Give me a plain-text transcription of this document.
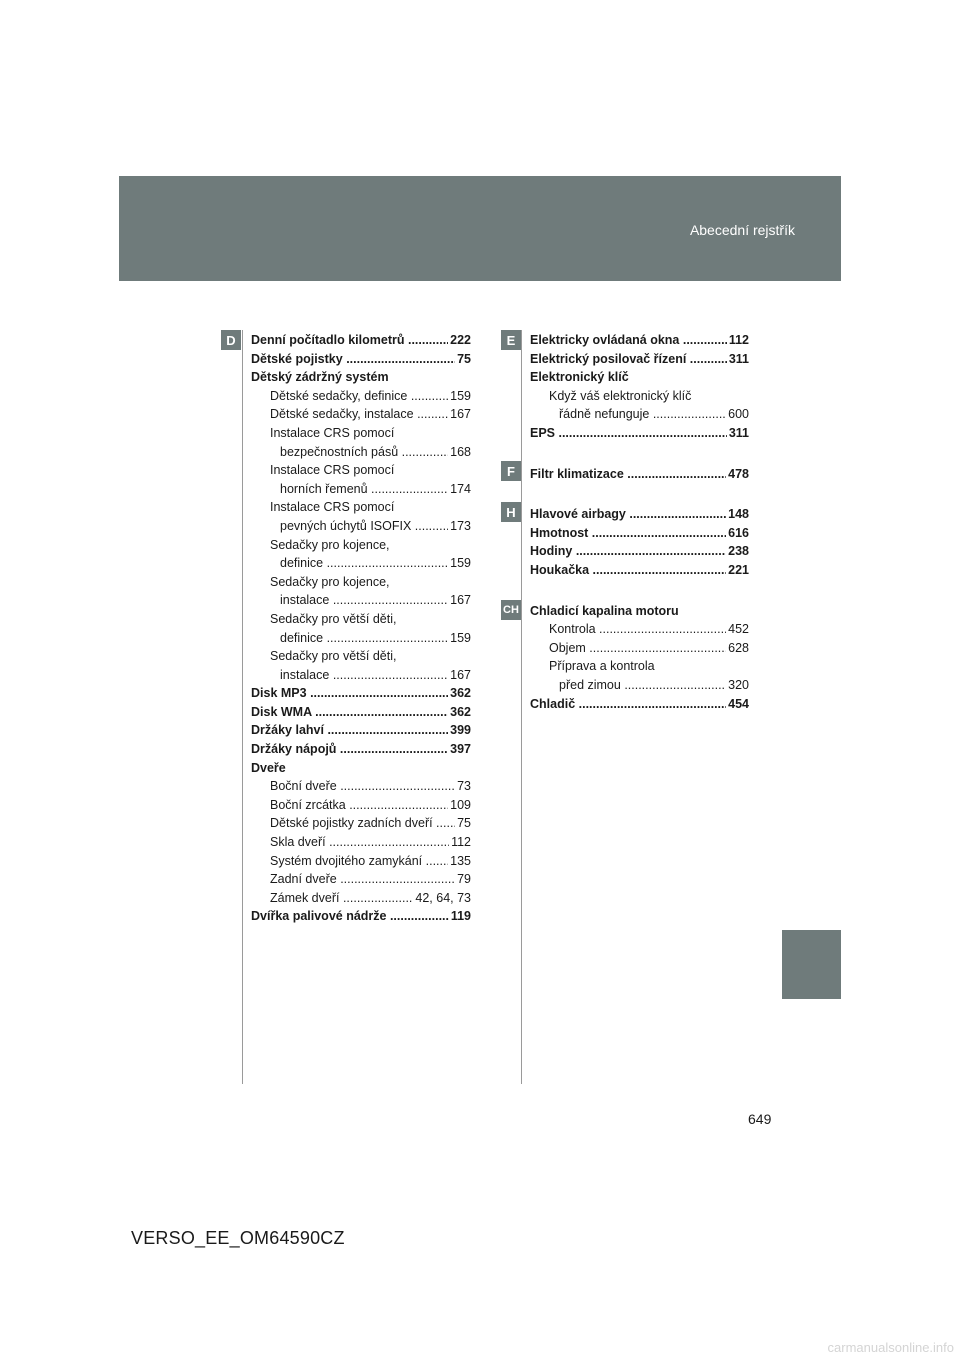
Abecední rejstřík
D	E
F
H
CH
Denní počítadlo kilometrů .....	222
Dětské pojistky .....	75
Dětský zádržný systém
Dětské sedačky, definice .....	159
Dětské sedačky, instalace .....	167
Instalace CRS pomocí
bezpečnostních pásů .....	168
Instalace CRS pomocí
horních řemenů .....	174
Instalace CRS pomocí
pevných úchytů ISOFIX .....	173
Sedačky pro kojence,
definice .....	159
Sedačky pro kojence,
instalace .....	167
Sedačky pro větší děti,
definice .....	159
Sedačky pro větší děti,
instalace .....	167
Disk MP3 .....	362
Disk WMA .....	362
Držáky lahví .....	399
Držáky nápojů .....	397
Dveře
Boční dveře .....	73
Boční zrcátka .....	109
Dětské pojistky zadních dveří .....	75
Skla dveří .....	112
Systém dvojitého zamykání .....	135
Zadní dveře .....	79
Zámek dveří .....	42, 64, 73
Dvířka palivové nádrže .....	119
Elektricky ovládaná okna .....	112
Elektrický posilovač řízení .....	311
Elektronický klíč
Když váš elektronický klíč
řádně nefunguje .....	600
EPS .....	311
Filtr klimatizace .....	478
Hlavové airbagy .....	148
Hmotnost .....	616
Hodiny .....	238
Houkačka .....	221
Chladicí kapalina motoru
Kontrola .....	452
Objem .....	628
Příprava a kontrola
před zimou .....	320
Chladič .....	454
649
VERSO_EE_OM64590CZ
carmanualsonline.info
